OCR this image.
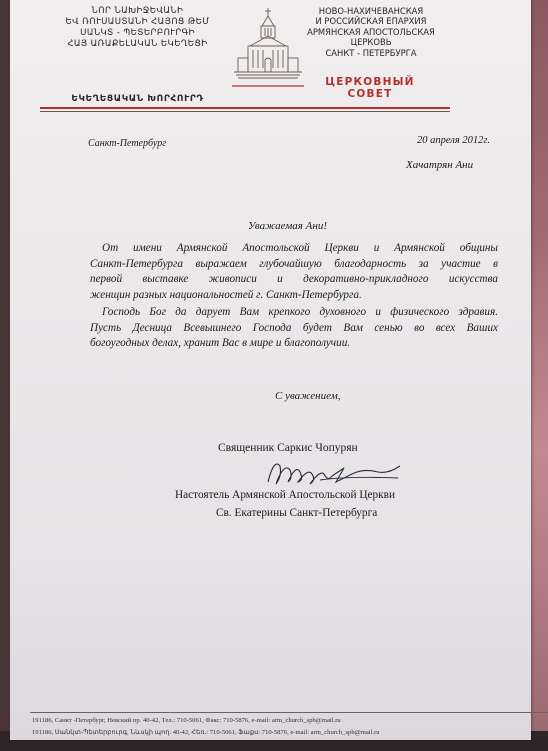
ՆՈՐ ՆԱԽԻՋԵՎԱՆԻ
ԵՎ ՌՈՒՍԱՍՏԱՆԻ ՀԱՅՈՑ ԹԵՄ
ՍԱՆԿՏ - ՊԵՏԵՐԲՈՒՐԳԻ
ՀԱՅ ԱՌԱՔԵԼԱԿԱՆ ԵԿԵՂԵՑԻ
ԵԿԵՂԵՑԱԿԱՆ ԽՈՐՀՈՒՐԴ
НОВО-НАХИЧЕВАНСКАЯ
И РОССИЙСКАЯ ЕПАРХИЯ
АРМЯНСКАЯ АПОСТОЛЬСКАЯ ЦЕРКОВЬ
САНКТ - ПЕТЕРБУРГА
ЦЕРКОВНЫЙ СОВЕТ
Санкт-Петербург	20 апреля 2012г.
Хачатрян Ани
Уважаемая Ани!
От имени Армянской Апостольской Церкви и Армянской общины
Санкт-Петербурга выражаем глубочайшую благодарность за участие в
первой выставке живописи и декоративно-прикладного искусства
женщин разных национальностей г. Санкт-Петербурга.
Господь Бог да дарует Вам крепкого духовного и физического здравия.
Пусть Десница Всевышнего Господа будет Вам сенью во всех Ваших
богоугодных делах, хранит Вас в мире и благополучии.
С уважением,
Священник Саркис Чопурян
Настоятель Армянской Апостольской Церкви
Св. Екатерины Санкт-Петербурга
191186, Санкт -Петербург, Невский пр. 40-42, Тел.: 710-5061, Факс: 710-5876, e-mail: arm_church_spb@mail.ru
191186, Սանկտ-Պետերբուրգ, Նևսկի պող. 40-42, Հեռ.: 710-5061, Ֆաքս: 710-5876, e-mail: arm_church_spb@mail.ru
